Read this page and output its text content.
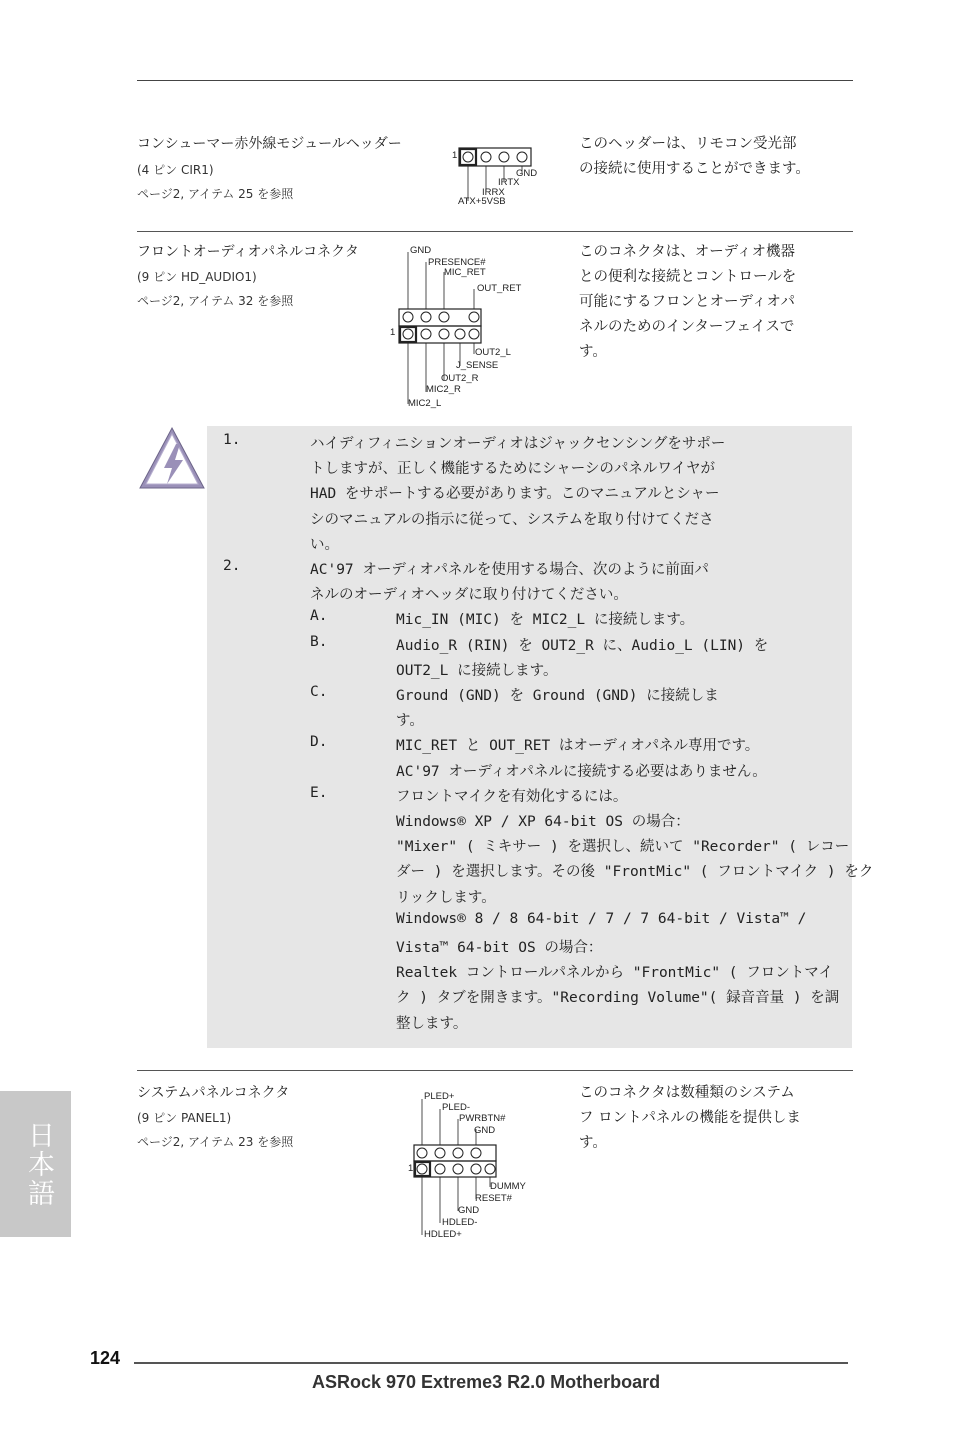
コンシューマー赤外線モジュールヘッダー
(4 ピン CIR1)
ページ2, アイテム 25 を参照
このヘッダーは、リモコン受光部
の接続に使用することができます。
1
GND
IRTX
IRRX
ATX+5VSB
フロントオーディオパネルコネクタ
(9 ピン HD_AUDIO1)
ページ2, アイテム 32 を参照
このコネクタは、オーディオ機器
との便利な接続とコントロールを
可能にするフロンとオーディオパ
ネルのためのインターフェイスで
す。
1
GND
PRESENCE#
MIC_RET
OUT_RET
OUT2_L
J_SENSE
OUT2_R
MIC2_R
MIC2_L
1.	ハイディフィニションオーディオはジャックセンシングをサポー
トしますが、正しく機能するためにシャーシのパネルワイヤが
HAD をサポートする必要があります。このマニュアルとシャー
シのマニュアルの指示に従って、システムを取り付けてくださ
い。
2.	AC'97 オーディオパネルを使用する場合、次のように前面パ
ネルのオーディオヘッダに取り付けてください。
A.	Mic_IN (MIC) を MIC2_L に接続します。
B.	Audio_R (RIN) を OUT2_R に、Audio_L (LIN) を
OUT2_L に接続します。
C.	Ground (GND) を Ground (GND) に接続しま
す。
D.	MIC_RET と OUT_RET はオーディオパネル専用です。
AC'97 オーディオパネルに接続する必要はありません。
E.	フロントマイクを有効化するには。
Windows® XP / XP 64-bit OS の場合：
"Mixer" ( ミキサー ) を選択し、続いて "Recorder" ( レコー
ダー ) を選択します。その後 "FrontMic" ( フロントマイク ) をク
リックします。
Windows® 8 / 8 64-bit / 7 / 7 64-bit / Vista™ /
Vista™ 64-bit OS の場合：
Realtek コントロールパネルから "FrontMic" ( フロントマイ
ク ) タブを開きます。"Recording Volume"( 録音音量 ) を調
整します。
システムパネルコネクタ
(9 ピン PANEL1)
ページ2, アイテム 23 を参照
このコネクタは数種類のシステム
フ ロントパネルの機能を提供しま
す。
1
PLED+
PLED-
PWRBTN#
GND
DUMMY
RESET#
GND
HDLED-
HDLED+
日本語
124
ASRock 970 Extreme3 R2.0 Motherboard
